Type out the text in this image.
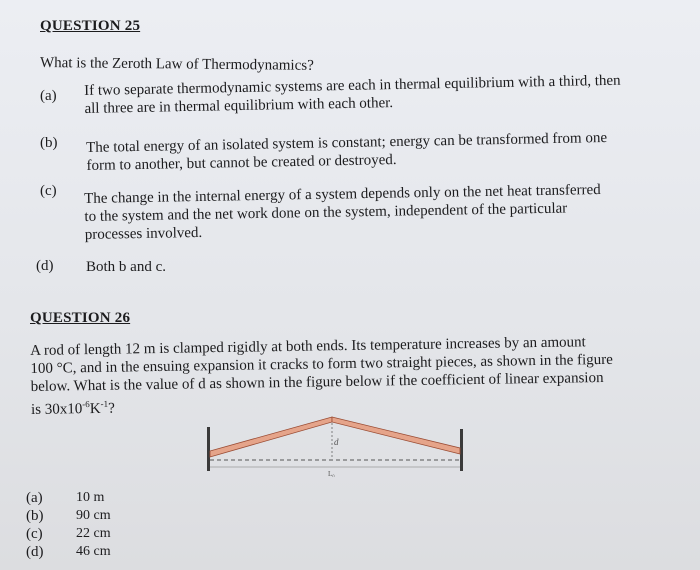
QUESTION 25
What is the Zeroth Law of Thermodynamics?
(a) If two separate thermodynamic systems are each in thermal equilibrium with a third, then
all three are in thermal equilibrium with each other.
(b) The total energy of an isolated system is constant; energy can be transformed from one
form to another, but cannot be created or destroyed.
(c) The change in the internal energy of a system depends only on the net heat transferred
to the system and the net work done on the system, independent of the particular
processes involved.
(d) Both b and c.
QUESTION 26
A rod of length 12 m is clamped rigidly at both ends. Its temperature increases by an amount
100 °C, and in the ensuing expansion it cracks to form two straight pieces, as shown in the figure
below. What is the value of d as shown in the figure below if the coefficient of linear expansion
is $30x10^{-6}K^{-1}$?
d
L₀
(a) 10 m
(b) 90 cm
(c) 22 cm
(d) 46 cm
